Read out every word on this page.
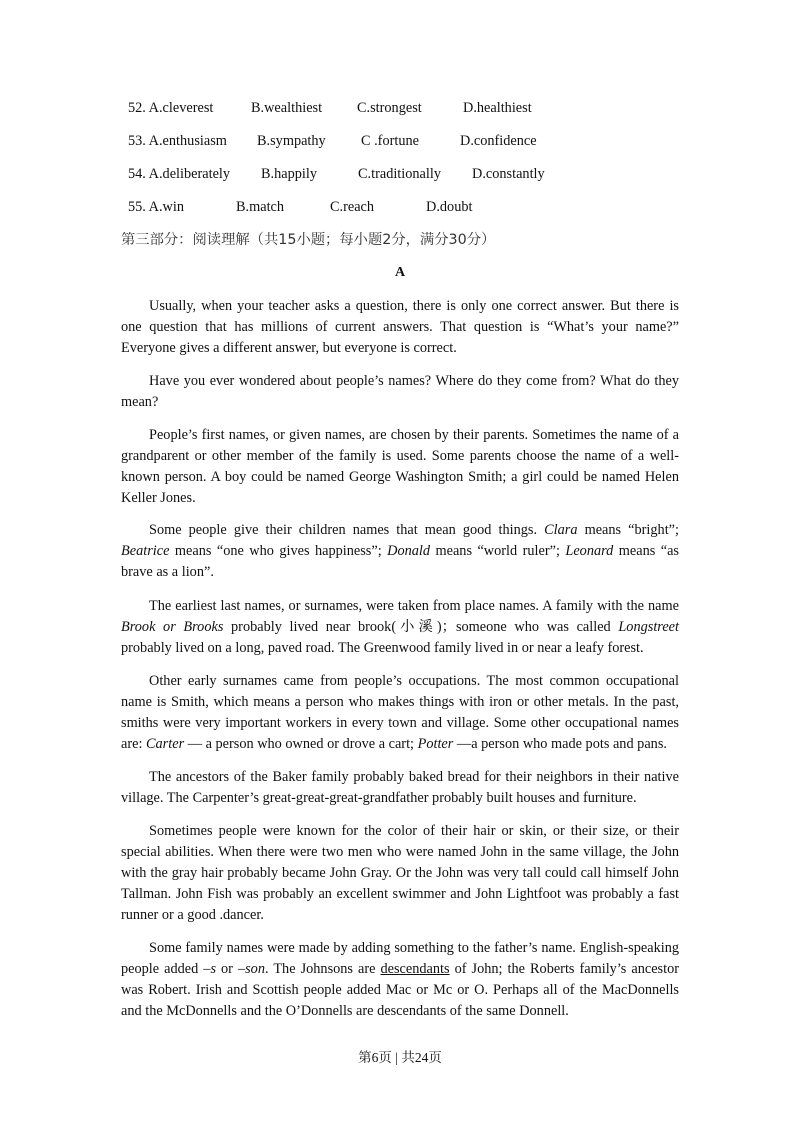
52. A.cleverest	B.wealthiest C.strongest	D.healthiest
53. A.enthusiasm B.sympathy C .fortune	D.confidence
54. A.deliberately B.happily	C.traditionally D.constantly
55. A.win	B.match	C.reach	D.doubt
第三部分：阅读理解（共15小题；每小题2分，满分30分）
A

Usually, when your teacher asks a question, there is only one correct answer. But there is one question that has millions of current answers. That question is “What’s your name?” Everyone gives a different answer, but everyone is correct.

Have you ever wondered about people’s names? Where do they come from? What do they mean?

People’s first names, or given names, are chosen by their parents. Sometimes the name of a grandparent or other member of the family is used. Some parents choose the name of a well-known person. A boy could be named George Washington Smith; a girl could be named Helen Keller Jones.

Some people give their children names that mean good things. Clara means “bright”; Beatrice means “one who gives happiness”; Donald means “world ruler”; Leonard means “as brave as a lion”.

The earliest last names, or surnames, were taken from place names. A family with the name Brook or Brooks probably lived near brook(小溪)；someone who was called Longstreet probably lived on a long, paved road. The Greenwood family lived in or near a leafy forest.

Other early surnames came from people’s occupations. The most common occupational name is Smith, which means a person who makes things with iron or other metals. In the past, smiths were very important workers in every town and village. Some other occupational names are: Carter — a person who owned or drove a cart; Potter —a person who made pots and pans.

The ancestors of the Baker family probably baked bread for their neighbors in their native village. The Carpenter’s great-great-great-grandfather probably built houses and furniture.

Sometimes people were known for the color of their hair or skin, or their size, or their special abilities. When there were two men who were named John in the same village, the John with the gray hair probably became John Gray. Or the John was very tall could call himself John Tallman. John Fish was probably an excellent swimmer and John Lightfoot was probably a fast runner or a good .dancer.

Some family names were made by adding something to the father’s name. English-speaking people added –s or –son. The Johnsons are descendants of John; the Roberts family’s ancestor was Robert. Irish and Scottish people added Mac or Mc or O. Perhaps all of the MacDonnells and the McDonnells and the O’Donnells are descendants of the same Donnell.

第6页 | 共24页
